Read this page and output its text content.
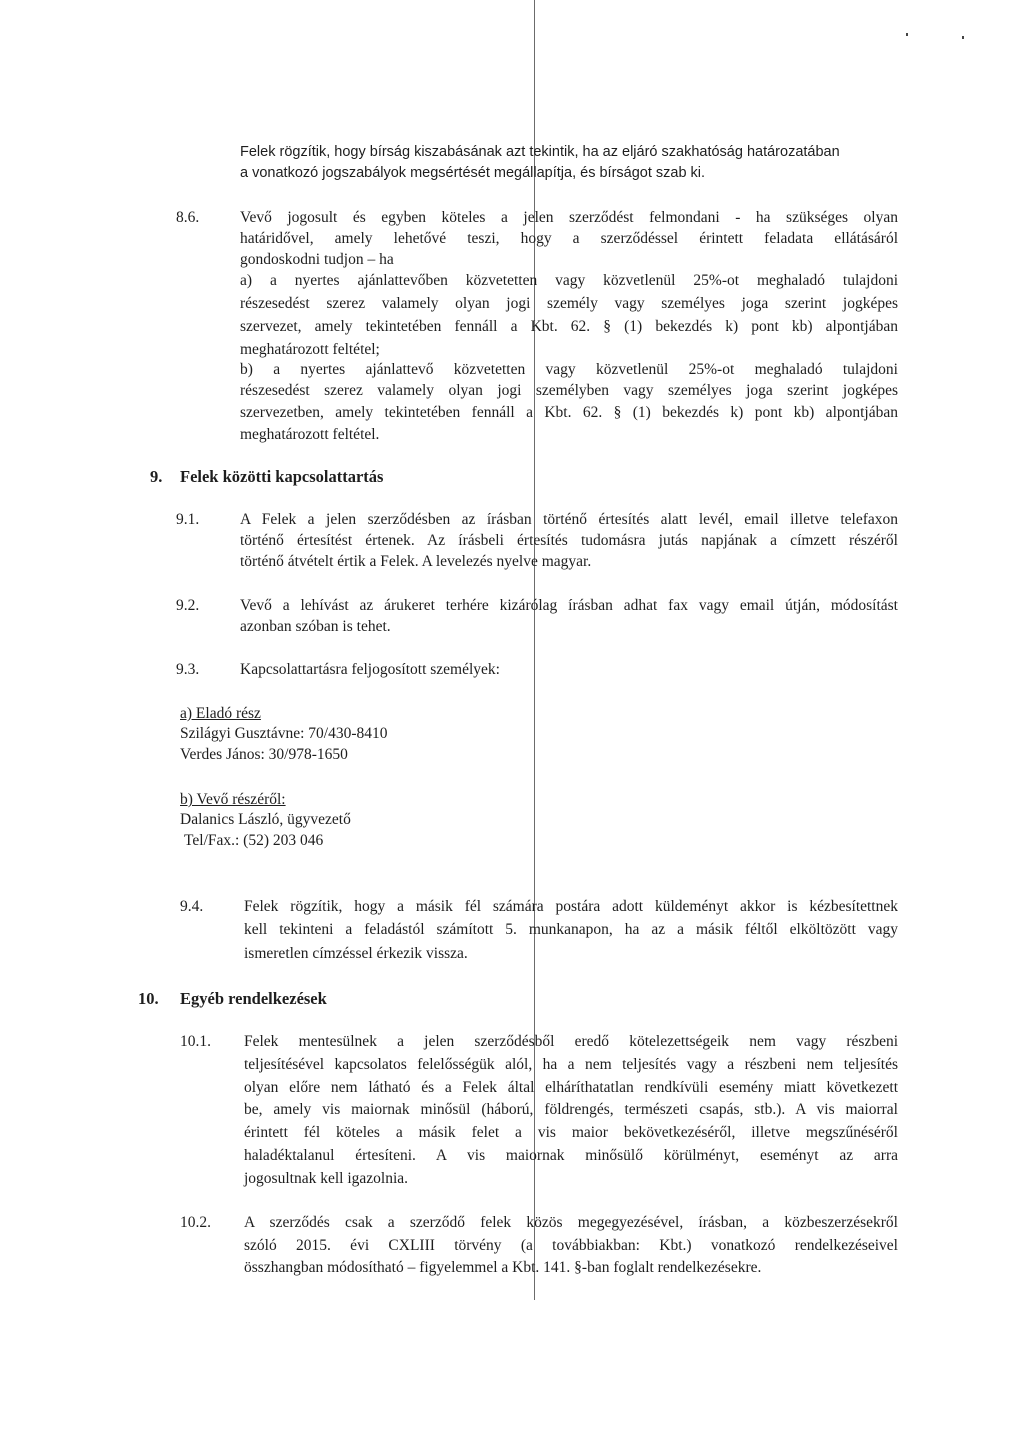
Felek rögzítik, hogy bírság kiszabásának azt tekintik, ha az eljáró szakhatóság határozatában
a vonatkozó jogszabályok megsértését megállapítja, és bírságot szab ki.
8.6.	Vevő jogosult és egyben köteles a jelen szerződést felmondani - ha szükséges olyan
határidővel, amely lehetővé teszi, hogy a szerződéssel érintett feladata ellátásáról
gondoskodni tudjon – ha
a) a nyertes ajánlattevőben közvetetten vagy közvetlenül 25%-ot meghaladó tulajdoni
részesedést szerez valamely olyan jogi személy vagy személyes joga szerint jogképes
szervezet, amely tekintetében fennáll a Kbt. 62. § (1) bekezdés k) pont kb) alpontjában
meghatározott feltétel;
b) a nyertes ajánlattevő közvetetten vagy közvetlenül 25%-ot meghaladó tulajdoni
részesedést szerez valamely olyan jogi személyben vagy személyes joga szerint jogképes
szervezetben, amely tekintetében fennáll a Kbt. 62. § (1) bekezdés k) pont kb) alpontjában
meghatározott feltétel.
9. Felek közötti kapcsolattartás
9.1.	A Felek a jelen szerződésben az írásban történő értesítés alatt levél, email illetve telefaxon
történő értesítést értenek. Az írásbeli értesítés tudomásra jutás napjának a címzett részéről
történő átvételt értik a Felek. A levelezés nyelve magyar.
9.2.	Vevő a lehívást az árukeret terhére kizárólag írásban adhat fax vagy email útján, módosítást
azonban szóban is tehet.
9.3.	Kapcsolattartásra feljogosított személyek:
a) Eladó rész
Szilágyi Gusztávne: 70/430-8410
Verdes János: 30/978-1650
b) Vevő részéről:
Dalanics László, ügyvezető
Tel/Fax.: (52) 203 046
9.4.	Felek rögzítik, hogy a másik fél számára postára adott küldeményt akkor is kézbesítettnek
kell tekinteni a feladástól számított 5. munkanapon, ha az a másik féltől elköltözött vagy
ismeretlen címzéssel érkezik vissza.
10. Egyéb rendelkezések
10.1. Felek mentesülnek a jelen szerződésből eredő kötelezettségeik nem vagy részbeni
teljesítésével kapcsolatos felelősségük alól, ha a nem teljesítés vagy a részbeni nem teljesítés
olyan előre nem látható és a Felek által elháríthatatlan rendkívüli esemény miatt következett
be, amely vis maiornak minősül (háború, földrengés, természeti csapás, stb.). A vis maiorral
érintett fél köteles a másik felet a vis maior bekövetkezéséről, illetve megszűnéséről
haladéktalanul értesíteni. A vis maiornak minősülő körülményt, eseményt az arra
jogosultnak kell igazolnia.
10.2. A szerződés csak a szerződő felek közös megegyezésével, írásban, a közbeszerzésekről
szóló 2015. évi CXLIII törvény (a továbbiakban: Kbt.) vonatkozó rendelkezéseivel
összhangban módosítható – figyelemmel a Kbt. 141. §-ban foglalt rendelkezésekre.
